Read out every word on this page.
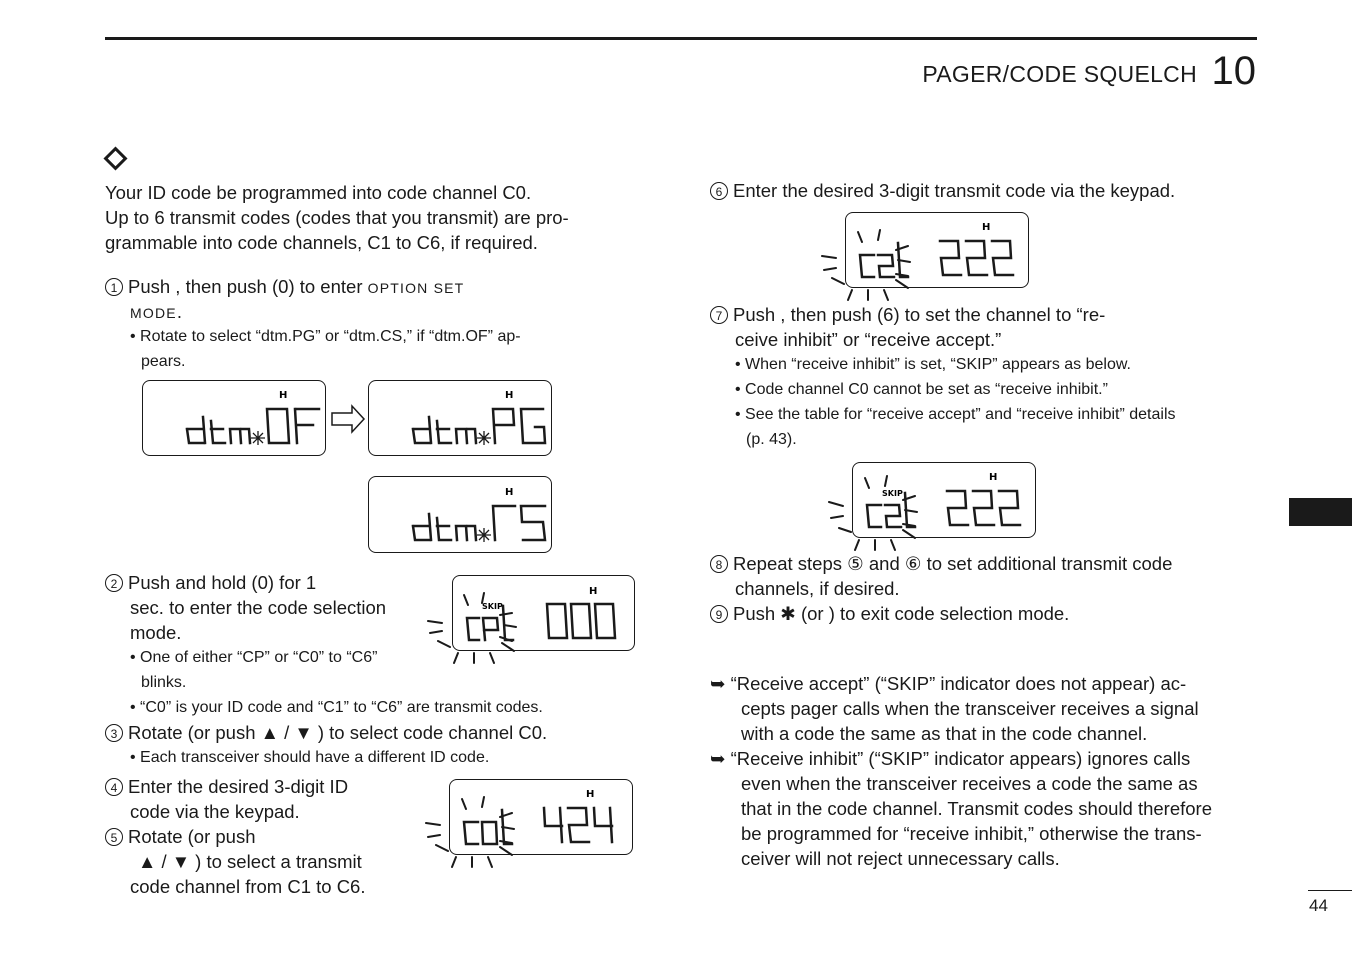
PAGER/CODE SQUELCH 10
Your ID code be programmed into code channel C0.
Up to 6 transmit codes (codes that you transmit) are pro-
grammable into code channels, C1 to C6, if required.
1 Push , then push (0) to enter OPTION SET
MODE.
• Rotate to select “dtm.PG” or “dtm.CS,” if “dtm.OF” ap-
pears.
H	H
H
2 Push and hold (0) for 1
sec. to enter the code selection
mode.
• One of either “CP” or “C0” to “C6”
blinks.
• “C0” is your ID code and “C1” to “C6” are transmit codes.
H
SKIP
3 Rotate (or push ▲ / ▼ ) to select code channel C0.
• Each transceiver should have a different ID code.
4 Enter the desired 3-digit ID
code via the keypad.
5 Rotate (or push
▲ / ▼ ) to select a transmit
code channel from C1 to C6.
H
6 Enter the desired 3-digit transmit code via the keypad.
H
7 Push , then push (6) to set the channel to “re-
ceive inhibit” or “receive accept.”
• When “receive inhibit” is set, “SKIP” appears as below.
• Code channel C0 cannot be set as “receive inhibit.”
• See the table for “receive accept” and “receive inhibit” details
(p. 43).
H
SKIP
8 Repeat steps ⑤ and ⑥ to set additional transmit code
channels, if desired.
9 Push ✱ (or ) to exit code selection mode.
➥ “Receive accept” (“SKIP” indicator does not appear) ac-
cepts pager calls when the transceiver receives a signal
with a code the same as that in the code channel.
➥ “Receive inhibit” (“SKIP” indicator appears) ignores calls
even when the transceiver receives a code the same as
that in the code channel. Transmit codes should therefore
be programmed for “receive inhibit,” otherwise the trans-
ceiver will not reject unnecessary calls.
44
